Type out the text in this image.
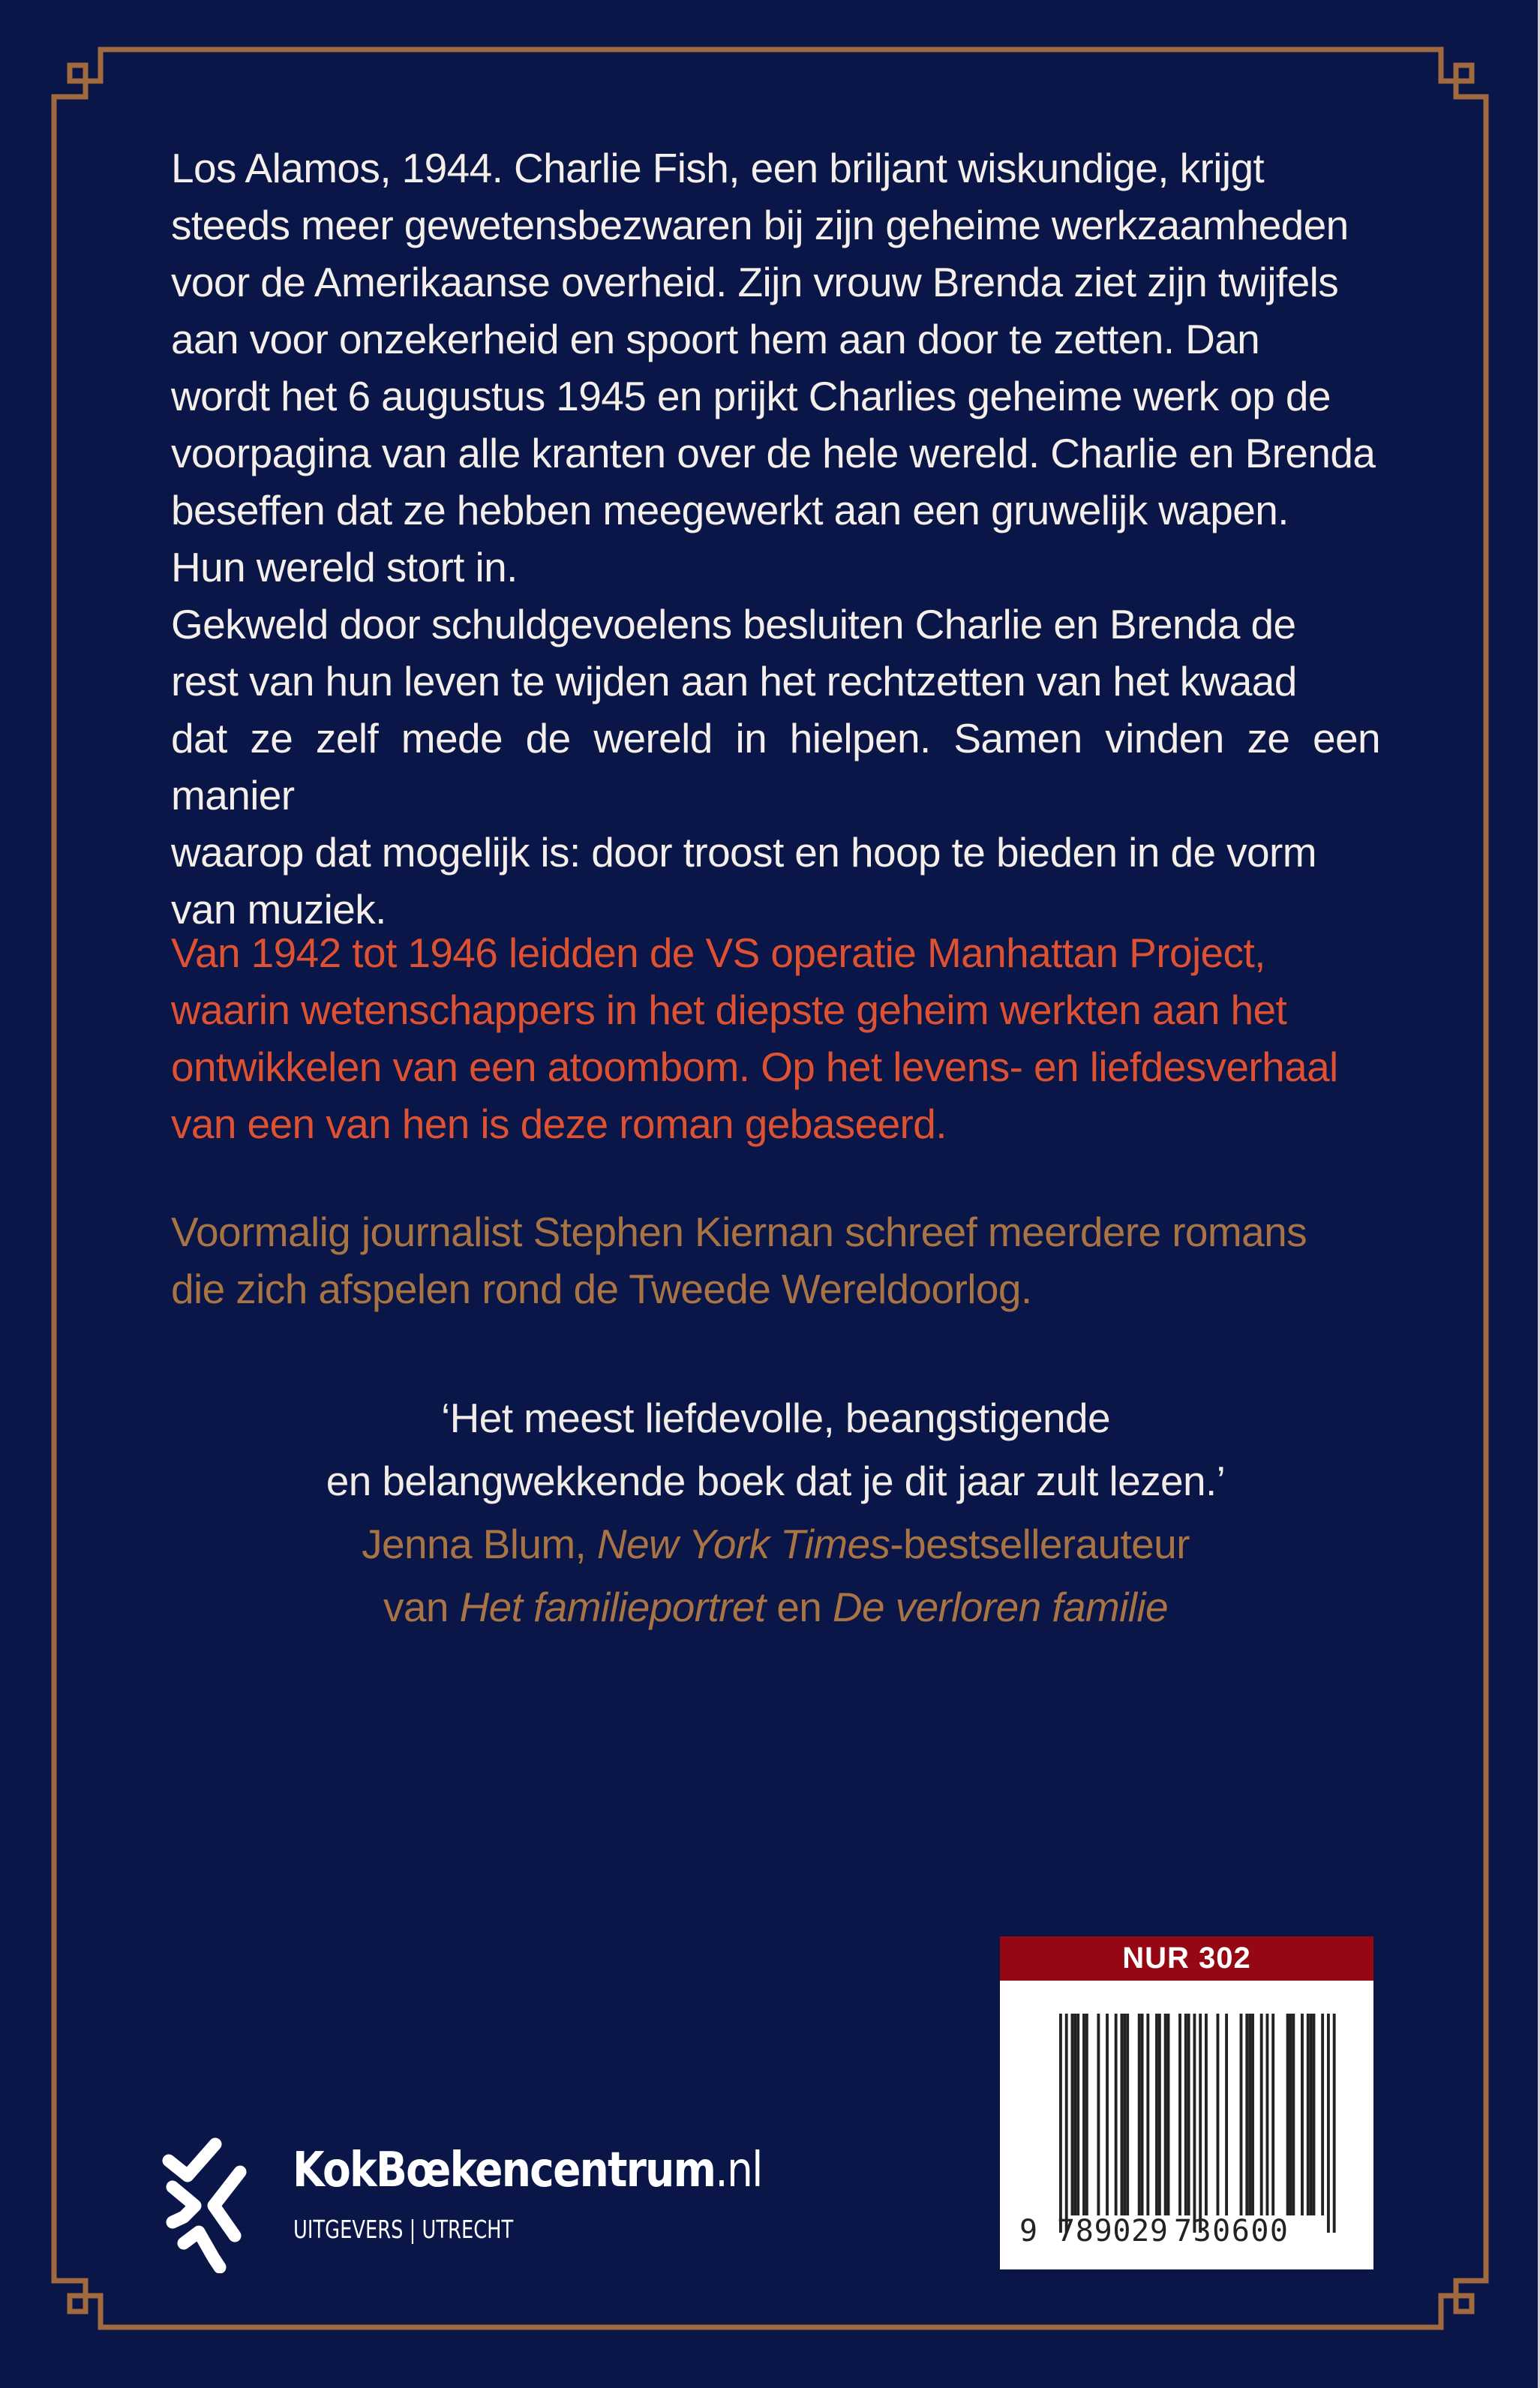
Los Alamos, 1944. Charlie Fish, een briljant wiskundige, krijgt

steeds meer gewetensbezwaren bij zijn geheime werkzaamheden

voor de Amerikaanse overheid. Zijn vrouw Brenda ziet zijn twijfels

aan voor onzekerheid en spoort hem aan door te zetten. Dan

wordt het 6 augustus 1945 en prijkt Charlies geheime werk op de

voorpagina van alle kranten over de hele wereld. Charlie en Brenda

beseffen dat ze hebben meegewerkt aan een gruwelijk wapen.

Hun wereld stort in.

Gekweld door schuldgevoelens besluiten Charlie en Brenda de

rest van hun leven te wijden aan het rechtzetten van het kwaad

dat ze zelf mede de wereld in hielpen. Samen vinden ze een manier

waarop dat mogelijk is: door troost en hoop te bieden in de vorm

van muziek.

Van 1942 tot 1946 leidden de VS operatie Manhattan Project,

waarin wetenschappers in het diepste geheim werkten aan het

ontwikkelen van een atoombom. Op het levens- en liefdesverhaal

van een van hen is deze roman gebaseerd.

Voormalig journalist Stephen Kiernan schreef meerdere romans

die zich afspelen rond de Tweede Wereldoorlog.

‘Het meest liefdevolle, beangstigende
en belangwekkende boek dat je dit jaar zult lezen.’
Jenna Blum, New York Times-bestsellerauteur
van Het familieportret en De verloren familie
NUR 302
9 789029 730600
KokBœkencentrum.nl
UITGEVERS | UTRECHT
